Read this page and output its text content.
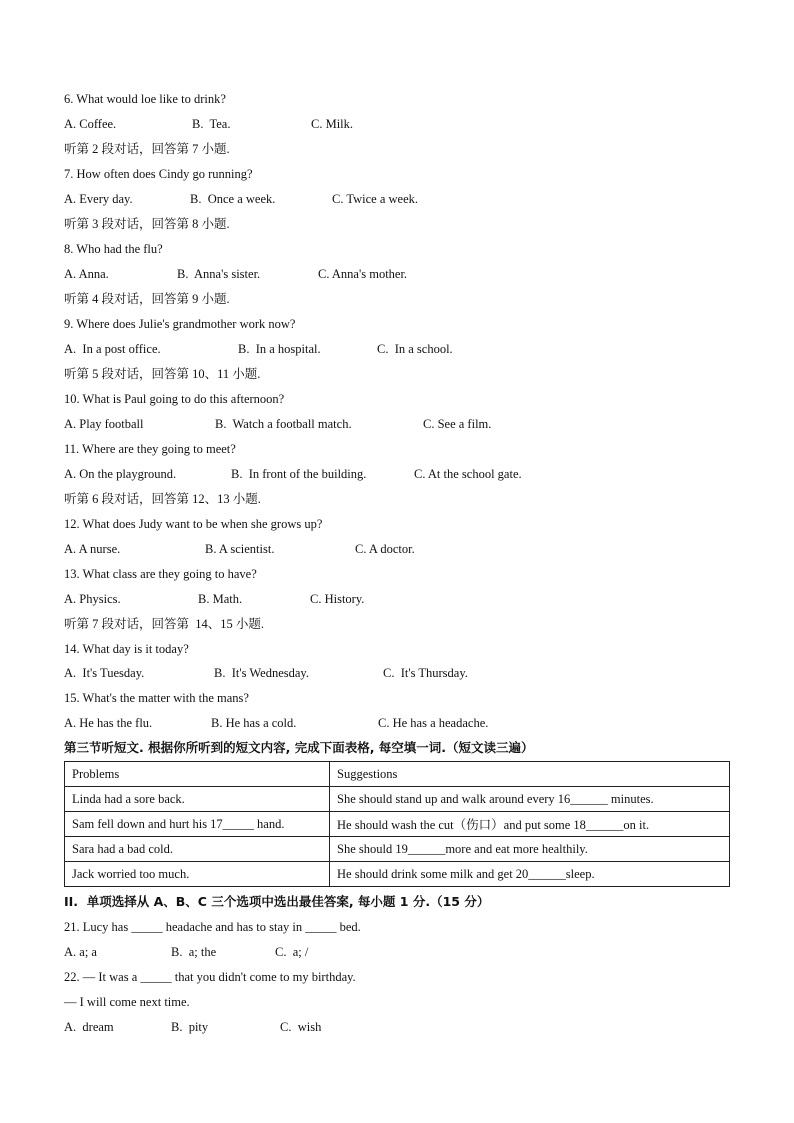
6. What would loe like to drink?
A. Coffee.	B.  Tea.	C. Milk.
听第 2 段对话，回答第 7 小题.
7. How often does Cindy go running?
A. Every day.	B.  Once a week.	C. Twice a week.
听第 3 段对话，回答第 8 小题.
8. Who had the flu?
A. Anna.	B.  Anna's sister.	C. Anna's mother.
听第 4 段对话，回答第 9 小题.
9. Where does Julie's grandmother work now?
A.  In a post office.	B.  In a hospital.	C.  In a school.
听第 5 段对话，回答第 10、11 小题.
10. What is Paul going to do this afternoon?
A. Play football	B.  Watch a football match.	C. See a film.
11. Where are they going to meet?
A. On the playground.	B.  In front of the building.	C. At the school gate.
听第 6 段对话，回答第 12、13 小题.
12. What does Judy want to be when she grows up?
A. A nurse.	B. A scientist.	C. A doctor.
13. What class are they going to have?
A. Physics.	B. Math.	C. History.
听第 7 段对话，回答第  14、15 小题.
14. What day is it today?
A.  It's Tuesday.	B.  It's Wednesday.	C.  It's Thursday.
15. What's the matter with the mans?
A. He has the flu.	B. He has a cold.	C. He has a headache.
第三节听短文. 根据你所听到的短文内容, 完成下面表格, 每空填一词.（短文读三遍）
Problems	Suggestions
Linda had a sore back.	She should stand up and walk around every 16______ minutes.
Sam fell down and hurt his 17_____ hand.	He should wash the cut（伤口）and put some 18______on it.
Sara had a bad cold.	She should 19______more and eat more healthily.
Jack worried too much.	He should drink some milk and get 20______sleep.
II.  单项选择从 A、B、C 三个选项中选出最佳答案, 每小题 1 分.（15 分）
21. Lucy has _____ headache and has to stay in _____ bed.
A. a; a	B.  a; the	C.  a; /
22. — It was a _____ that you didn't come to my birthday.
— I will come next time.
A.  dream	B.  pity	C.  wish
